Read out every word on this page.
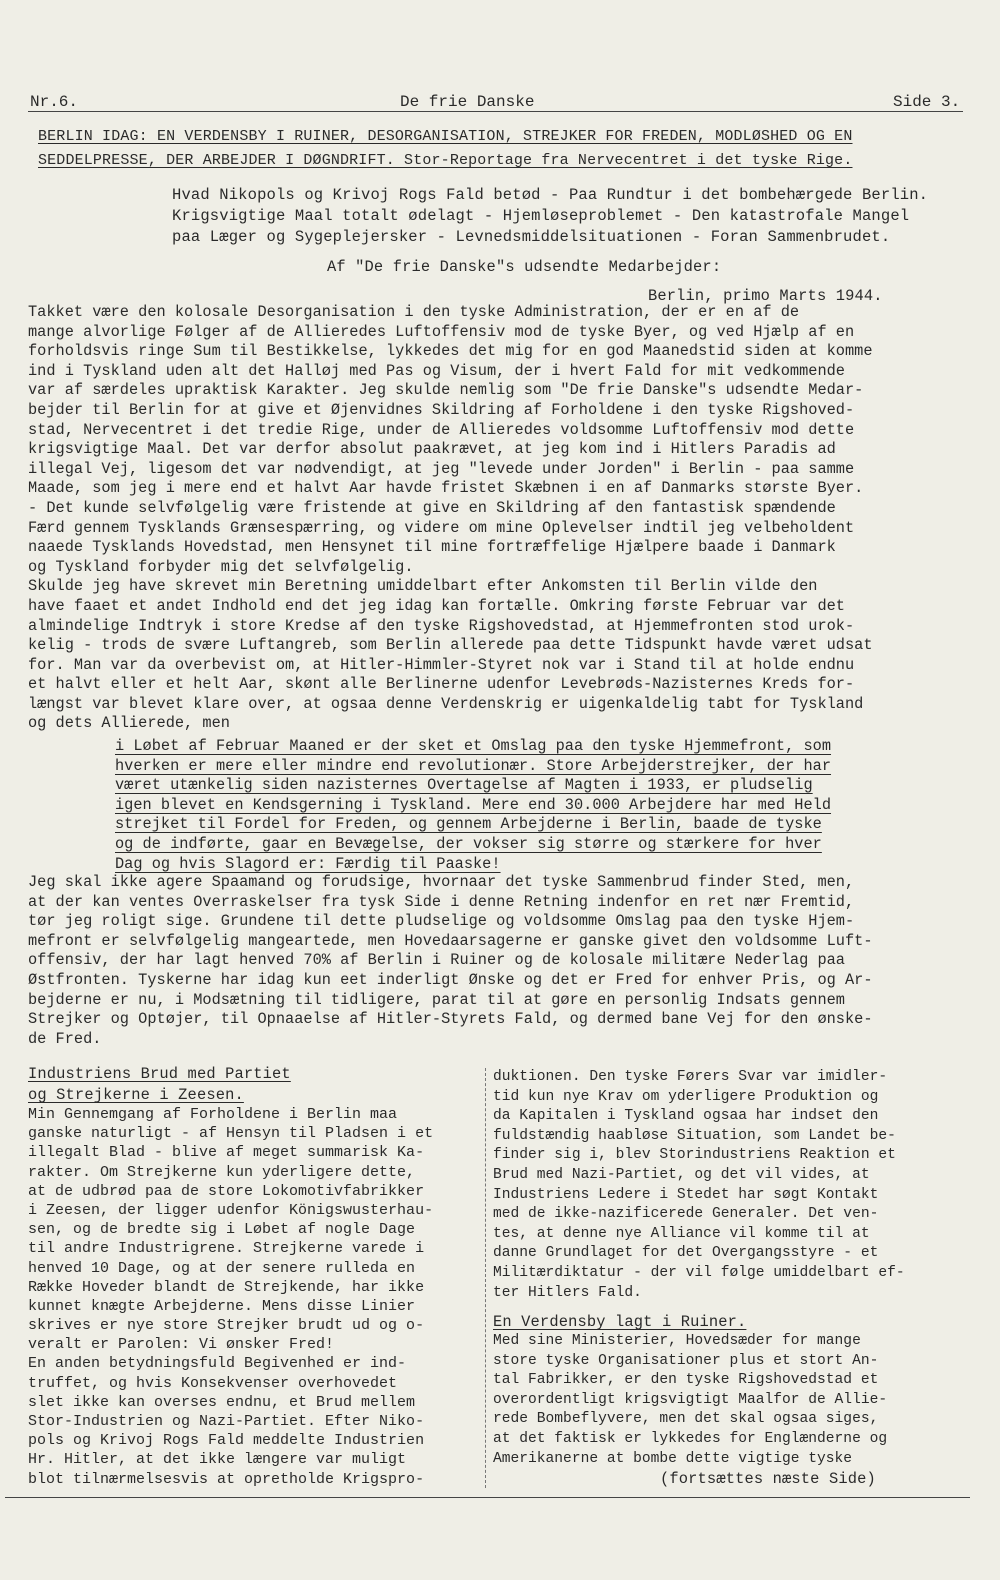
Nr.6.	De frie Danske	Side 3.
BERLIN IDAG: EN VERDENSBY I RUINER, DESORGANISATION, STREJKER FOR FREDEN, MODLØSHED OG EN
SEDDELPRESSE, DER ARBEJDER I DØGNDRIFT. Stor-Reportage fra Nervecentret i det tyske Rige.
Hvad Nikopols og Krivoj Rogs Fald betød - Paa Rundtur i det bombehærgede Berlin.
Krigsvigtige Maal totalt ødelagt - Hjemløseproblemet - Den katastrofale Mangel
paa Læger og Sygeplejersker - Levnedsmiddelsituationen - Foran Sammenbrudet.
Af "De frie Danske"s udsendte Medarbejder:
Berlin, primo Marts 1944.
Takket være den kolosale Desorganisation i den tyske Administration, der er en af de
mange alvorlige Følger af de Allieredes Luftoffensiv mod de tyske Byer, og ved Hjælp af en
forholdsvis ringe Sum til Bestikkelse, lykkedes det mig for en god Maanedstid siden at komme
ind i Tyskland uden alt det Halløj med Pas og Visum, der i hvert Fald for mit vedkommende
var af særdeles upraktisk Karakter. Jeg skulde nemlig som "De frie Danske"s udsendte Medar-
bejder til Berlin for at give et Øjenvidnes Skildring af Forholdene i den tyske Rigshoved-
stad, Nervecentret i det tredie Rige, under de Allieredes voldsomme Luftoffensiv mod dette
krigsvigtige Maal. Det var derfor absolut paakrævet, at jeg kom ind i Hitlers Paradis ad
illegal Vej, ligesom det var nødvendigt, at jeg "levede under Jorden" i Berlin - paa samme
Maade, som jeg i mere end et halvt Aar havde fristet Skæbnen i en af Danmarks største Byer.
- Det kunde selvfølgelig være fristende at give en Skildring af den fantastisk spændende
Færd gennem Tysklands Grænsespærring, og videre om mine Oplevelser indtil jeg velbeholdent
naaede Tysklands Hovedstad, men Hensynet til mine fortræffelige Hjælpere baade i Danmark
og Tyskland forbyder mig det selvfølgelig.
Skulde jeg have skrevet min Beretning umiddelbart efter Ankomsten til Berlin vilde den
have faaet et andet Indhold end det jeg idag kan fortælle. Omkring første Februar var det
almindelige Indtryk i store Kredse af den tyske Rigshovedstad, at Hjemmefronten stod urok-
kelig - trods de svære Luftangreb, som Berlin allerede paa dette Tidspunkt havde været udsat
for. Man var da overbevist om, at Hitler-Himmler-Styret nok var i Stand til at holde endnu
et halvt eller et helt Aar, skønt alle Berlinerne udenfor Levebrøds-Nazisternes Kreds for-
længst var blevet klare over, at ogsaa denne Verdenskrig er uigenkaldelig tabt for Tyskland
og dets Allierede, men
i Løbet af Februar Maaned er der sket et Omslag paa den tyske Hjemmefront, som
hverken er mere eller mindre end revolutionær. Store Arbejderstrejker, der har
været utænkelig siden nazisternes Overtagelse af Magten i 1933, er pludselig
igen blevet en Kendsgerning i Tyskland. Mere end 30.000 Arbejdere har med Held
strejket til Fordel for Freden, og gennem Arbejderne i Berlin, baade de tyske
og de indførte, gaar en Bevægelse, der vokser sig større og stærkere for hver
Dag og hvis Slagord er: Færdig til Paaske!
Jeg skal ikke agere Spaamand og forudsige, hvornaar det tyske Sammenbrud finder Sted, men,
at der kan ventes Overraskelser fra tysk Side i denne Retning indenfor en ret nær Fremtid,
tør jeg roligt sige. Grundene til dette pludselige og voldsomme Omslag paa den tyske Hjem-
mefront er selvfølgelig mangeartede, men Hovedaarsagerne er ganske givet den voldsomme Luft-
offensiv, der har lagt henved 70% af Berlin i Ruiner og de kolosale militære Nederlag paa
Østfronten. Tyskerne har idag kun eet inderligt Ønske og det er Fred for enhver Pris, og Ar-
bejderne er nu, i Modsætning til tidligere, parat til at gøre en personlig Indsats gennem
Strejker og Optøjer, til Opnaaelse af Hitler-Styrets Fald, og dermed bane Vej for den ønske-
de Fred.
Industriens Brud med Partiet
og Strejkerne i Zeesen.
Min Gennemgang af Forholdene i Berlin maa
ganske naturligt - af Hensyn til Pladsen i et
illegalt Blad - blive af meget summarisk Ka-
rakter. Om Strejkerne kun yderligere dette,
at de udbrød paa de store Lokomotivfabrikker
i Zeesen, der ligger udenfor Königswusterhau-
sen, og de bredte sig i Løbet af nogle Dage
til andre Industrigrene. Strejkerne varede i
henved 10 Dage, og at der senere rulleda en
Række Hoveder blandt de Strejkende, har ikke
kunnet knægte Arbejderne. Mens disse Linier
skrives er nye store Strejker brudt ud og o-
veralt er Parolen: Vi ønsker Fred!
En anden betydningsfuld Begivenhed er ind-
truffet, og hvis Konsekvenser overhovedet
slet ikke kan overses endnu, et Brud mellem
Stor-Industrien og Nazi-Partiet. Efter Niko-
pols og Krivoj Rogs Fald meddelte Industrien
Hr. Hitler, at det ikke længere var muligt
blot tilnærmelsesvis at opretholde Krigspro-
duktionen. Den tyske Førers Svar var imidler-
tid kun nye Krav om yderligere Produktion og
da Kapitalen i Tyskland ogsaa har indset den
fuldstændig haabløse Situation, som Landet be-
finder sig i, blev Storindustriens Reaktion et
Brud med Nazi-Partiet, og det vil vides, at
Industriens Ledere i Stedet har søgt Kontakt
med de ikke-nazificerede Generaler. Det ven-
tes, at denne nye Alliance vil komme til at
danne Grundlaget for det Overgangsstyre - et
Militærdiktatur - der vil følge umiddelbart ef-
ter Hitlers Fald.
En Verdensby lagt i Ruiner.
Med sine Ministerier, Hovedsæder for mange
store tyske Organisationer plus et stort An-
tal Fabrikker, er den tyske Rigshovedstad et
overordentligt krigsvigtigt Maalfor de Allie-
rede Bombeflyvere, men det skal ogsaa siges,
at det faktisk er lykkedes for Englænderne og
Amerikanerne at bombe dette vigtige tyske
(fortsættes næste Side)
